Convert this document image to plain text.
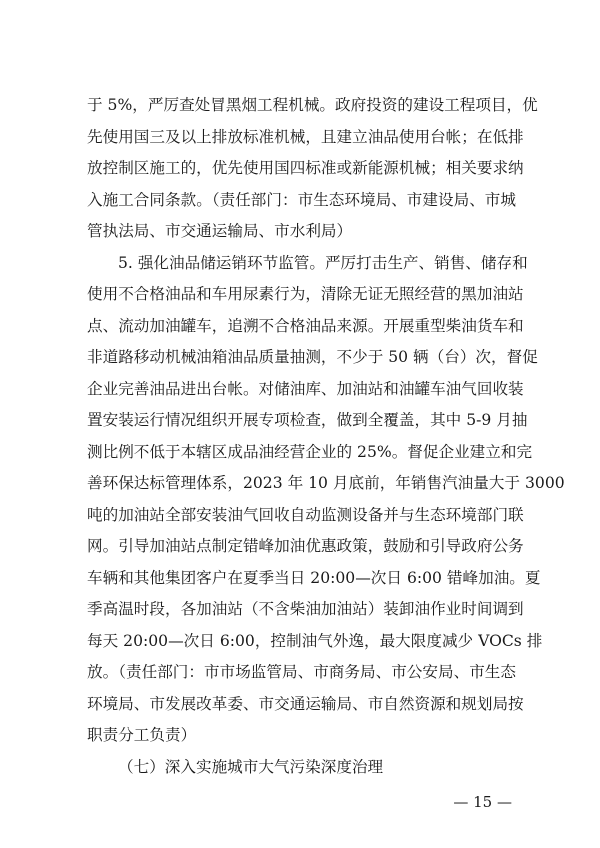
于 5%，严厉查处冒黑烟工程机械。政府投资的建设工程项目，优
先使用国三及以上排放标准机械，且建立油品使用台帐；在低排
放控制区施工的，优先使用国四标准或新能源机械；相关要求纳
入施工合同条款。（责任部门：市生态环境局、市建设局、市城
管执法局、市交通运输局、市水利局）
5. 强化油品储运销环节监管。严厉打击生产、销售、储存和
使用不合格油品和车用尿素行为，清除无证无照经营的黑加油站
点、流动加油罐车，追溯不合格油品来源。开展重型柴油货车和
非道路移动机械油箱油品质量抽测，不少于 50 辆（台）次，督促
企业完善油品进出台帐。对储油库、加油站和油罐车油气回收装
置安装运行情况组织开展专项检查，做到全覆盖，其中 5-9 月抽
测比例不低于本辖区成品油经营企业的 25%。督促企业建立和完
善环保达标管理体系，2023 年 10 月底前，年销售汽油量大于 3000
吨的加油站全部安装油气回收自动监测设备并与生态环境部门联
网。引导加油站点制定错峰加油优惠政策，鼓励和引导政府公务
车辆和其他集团客户在夏季当日 20:00—次日 6:00 错峰加油。夏
季高温时段，各加油站（不含柴油加油站）装卸油作业时间调到
每天 20:00—次日 6:00，控制油气外逸，最大限度减少 VOCs 排
放。（责任部门：市市场监管局、市商务局、市公安局、市生态
环境局、市发展改革委、市交通运输局、市自然资源和规划局按
职责分工负责）
— 15 —
（七）深入实施城市大气污染深度治理
